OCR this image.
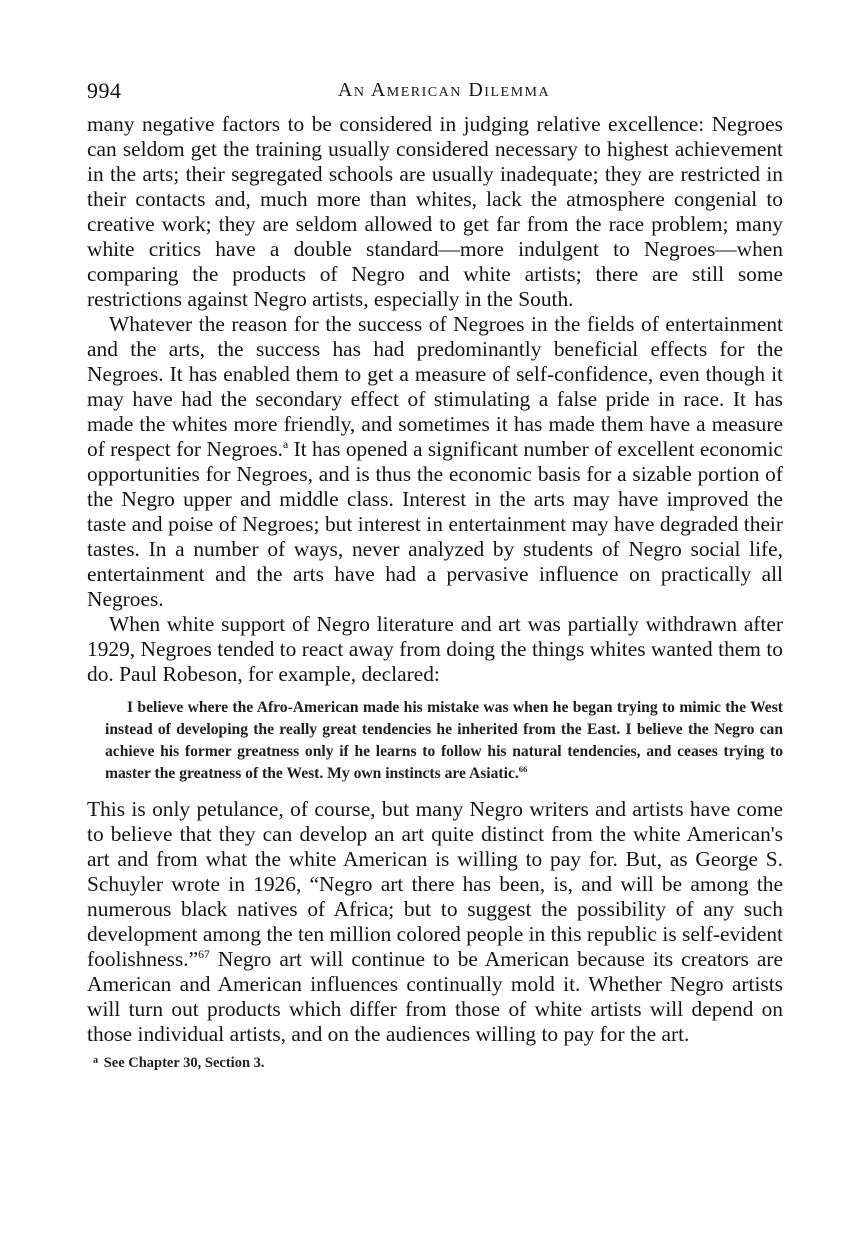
994	An American Dilemma

many negative factors to be considered in judging relative excellence: Negroes can seldom get the training usually considered necessary to highest achievement in the arts; their segregated schools are usually inadequate; they are restricted in their contacts and, much more than whites, lack the atmosphere congenial to creative work; they are seldom allowed to get far from the race problem; many white critics have a double standard—more indulgent to Negroes—when comparing the products of Negro and white artists; there are still some restrictions against Negro artists, especially in the South.

Whatever the reason for the success of Negroes in the fields of entertainment and the arts, the success has had predominantly beneficial effects for the Negroes. It has enabled them to get a measure of self-confidence, even though it may have had the secondary effect of stimulating a false pride in race. It has made the whites more friendly, and sometimes it has made them have a measure of respect for Negroes.$^a$ It has opened a significant number of excellent economic opportunities for Negroes, and is thus the economic basis for a sizable portion of the Negro upper and middle class. Interest in the arts may have improved the taste and poise of Negroes; but interest in entertainment may have degraded their tastes. In a number of ways, never analyzed by students of Negro social life, entertainment and the arts have had a pervasive influence on practically all Negroes.

When white support of Negro literature and art was partially withdrawn after 1929, Negroes tended to react away from doing the things whites wanted them to do. Paul Robeson, for example, declared:

I believe where the Afro-American made his mistake was when he began trying to mimic the West instead of developing the really great tendencies he inherited from the East. I believe the Negro can achieve his former greatness only if he learns to follow his natural tendencies, and ceases trying to master the greatness of the West. My own instincts are Asiatic.$^{66}$

This is only petulance, of course, but many Negro writers and artists have come to believe that they can develop an art quite distinct from the white American's art and from what the white American is willing to pay for. But, as George S. Schuyler wrote in 1926, “Negro art there has been, is, and will be among the numerous black natives of Africa; but to suggest the possibility of any such development among the ten million colored people in this republic is self-evident foolishness.”$^{67}$ Negro art will continue to be American because its creators are American and American influences continually mold it. Whether Negro artists will turn out products which differ from those of white artists will depend on those individual artists, and on the audiences willing to pay for the art.

$^a$ See Chapter 30, Section 3.
